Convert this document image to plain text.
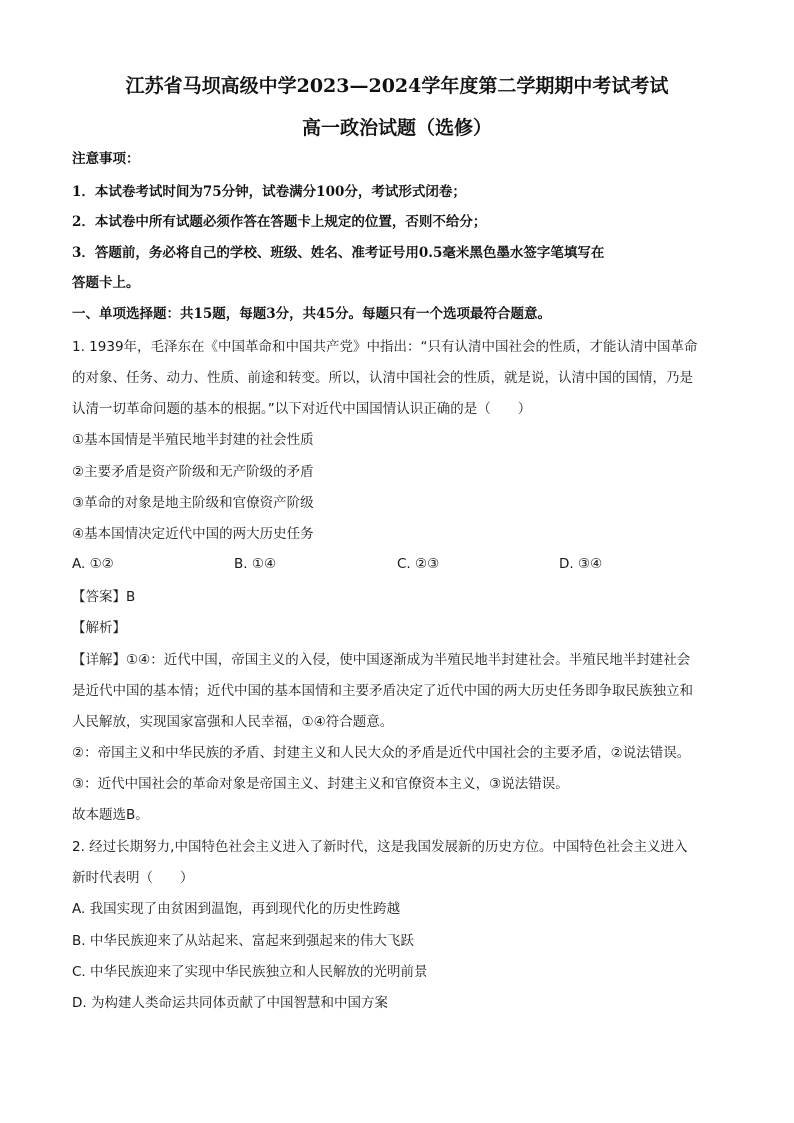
江苏省马坝高级中学2023—2024学年度第二学期期中考试考试
高一政治试题（选修）
注意事项：
1．本试卷考试时间为75分钟，试卷满分100分，考试形式闭卷；
2．本试卷中所有试题必须作答在答题卡上规定的位置，否则不给分；
3．答题前，务必将自己的学校、班级、姓名、准考证号用0.5毫米黑色墨水签字笔填写在
答题卡上。
一、单项选择题：共15题，每题3分，共45分。每题只有一个选项最符合题意。
1. 1939年，毛泽东在《中国革命和中国共产党》中指出：“只有认清中国社会的性质，才能认清中国革命
的对象、任务、动力、性质、前途和转变。所以，认清中国社会的性质，就是说，认清中国的国情，乃是
认清一切革命问题的基本的根据。”以下对近代中国国情认识正确的是（　　）
①基本国情是半殖民地半封建的社会性质
②主要矛盾是资产阶级和无产阶级的矛盾
③革命的对象是地主阶级和官僚资产阶级
④基本国情决定近代中国的两大历史任务
A. ①②	B. ①④	C. ②③	D. ③④
【答案】B
【解析】
【详解】①④：近代中国，帝国主义的入侵，使中国逐渐成为半殖民地半封建社会。半殖民地半封建社会
是近代中国的基本情；近代中国的基本国情和主要矛盾决定了近代中国的两大历史任务即争取民族独立和
人民解放，实现国家富强和人民幸福，①④符合题意。
②：帝国主义和中华民族的矛盾、封建主义和人民大众的矛盾是近代中国社会的主要矛盾，②说法错误。
③：近代中国社会的革命对象是帝国主义、封建主义和官僚资本主义，③说法错误。
故本题选B。
2. 经过长期努力,中国特色社会主义进入了新时代，这是我国发展新的历史方位。中国特色社会主义进入
新时代表明（　　）
A. 我国实现了由贫困到温饱，再到现代化的历史性跨越
B. 中华民族迎来了从站起来、富起来到强起来的伟大飞跃
C. 中华民族迎来了实现中华民族独立和人民解放的光明前景
D. 为构建人类命运共同体贡献了中国智慧和中国方案
